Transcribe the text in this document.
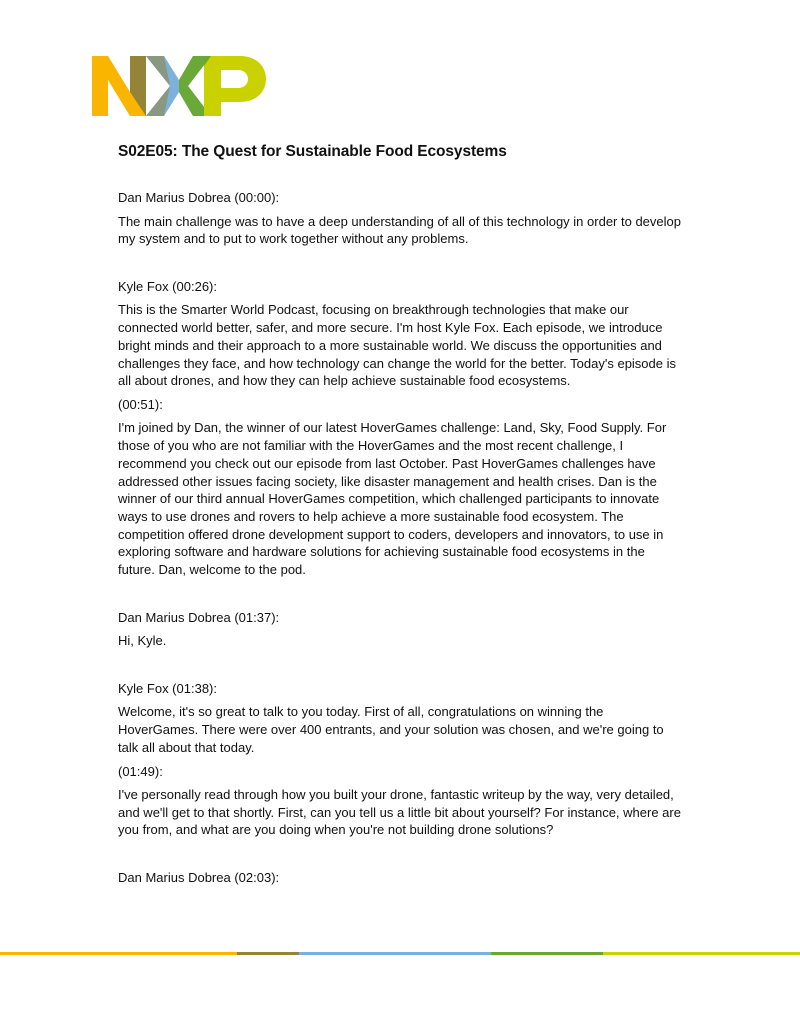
S02E05: The Quest for Sustainable Food Ecosystems
Dan Marius Dobrea (00:00):
The main challenge was to have a deep understanding of all of this technology in order to develop my system and to put to work together without any problems.
Kyle Fox (00:26):
This is the Smarter World Podcast, focusing on breakthrough technologies that make our connected world better, safer, and more secure. I'm host Kyle Fox. Each episode, we introduce bright minds and their approach to a more sustainable world. We discuss the opportunities and challenges they face, and how technology can change the world for the better. Today's episode is all about drones, and how they can help achieve sustainable food ecosystems.
(00:51):
I'm joined by Dan, the winner of our latest HoverGames challenge: Land, Sky, Food Supply. For those of you who are not familiar with the HoverGames and the most recent challenge, I recommend you check out our episode from last October. Past HoverGames challenges have addressed other issues facing society, like disaster management and health crises. Dan is the winner of our third annual HoverGames competition, which challenged participants to innovate ways to use drones and rovers to help achieve a more sustainable food ecosystem. The competition offered drone development support to coders, developers and innovators, to use in exploring software and hardware solutions for achieving sustainable food ecosystems in the future. Dan, welcome to the pod.
Dan Marius Dobrea (01:37):
Hi, Kyle.
Kyle Fox (01:38):
Welcome, it's so great to talk to you today. First of all, congratulations on winning the HoverGames. There were over 400 entrants, and your solution was chosen, and we're going to talk all about that today.
(01:49):
I've personally read through how you built your drone, fantastic writeup by the way, very detailed, and we'll get to that shortly. First, can you tell us a little bit about yourself? For instance, where are you from, and what are you doing when you're not building drone solutions?
Dan Marius Dobrea (02:03):
